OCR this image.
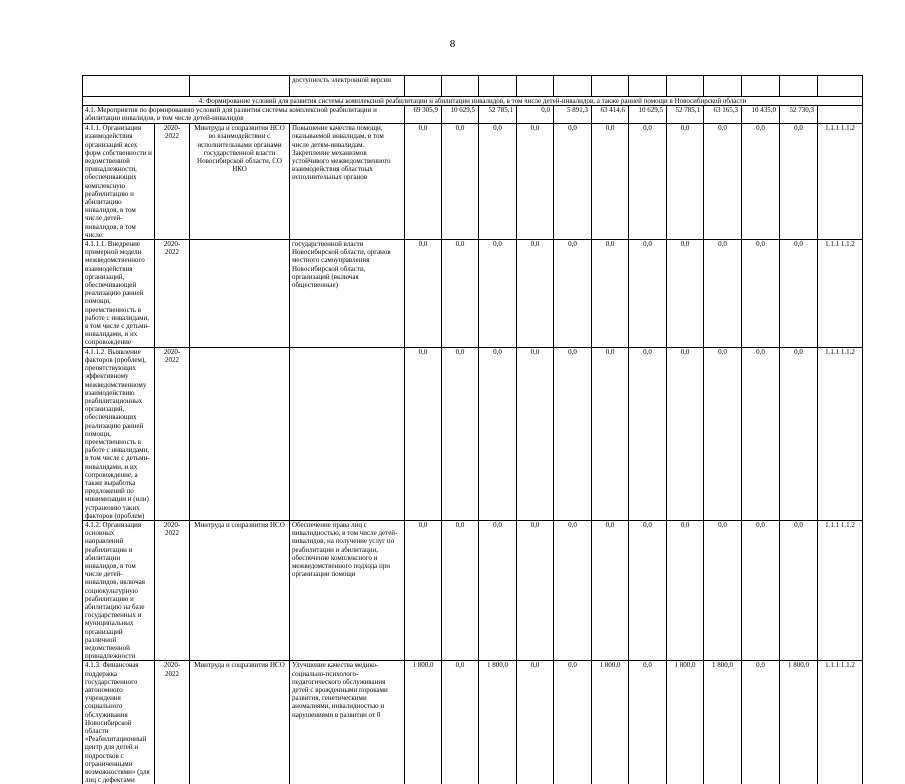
8
			доступность электронной версии												
4. Формирование условий для развития системы комплексной реабилитации и абилитации инвалидов, в том числе детей-инвалидов, а также ранней помощи в Новосибирской области															
4.1. Мероприятия по формированию условий для развития системы комплексной реабилитации и абилитации инвалидов, в том числе детей-инвалидов				69 305,9	10 629,5	52 785,1	0,0	5 891,3	63 414,6	10 629,5	52 785,1	63 165,3	10 435,0	52 730,3	
4.1.1. Организация взаимодействия организаций всех форм собственности и ведомственной принадлежности, обеспечивающих комплексную реабилитацию и абилитацию инвалидов, в том числе детей-инвалидов, в том числе:	2020-2022	Минтруда и соцразвития НСО во взаимодействии с исполнительными органами государственной власти Новосибирской области, СО НКО	Повышение качества помощи, оказываемой инвалидам, в том числе детям-инвалидам. Закрепление механизмов устойчивого межведомственного взаимодействия областных исполнительных органов	0,0	0,0	0,0	0,0	0,0	0,0	0,0	0,0	0,0	0,0	0,0	1.1.1 1.1.2
4.1.1.1. Внедрение примерной модели межведомственного взаимодействия организаций, обеспечивающей реализацию ранней помощи, преемственность в работе с инвалидами, в том числе с детьми-инвалидами, и их сопровождение	2020-2022		государственной власти Новосибирской области, органов местного самоуправления Новосибирской области, организаций (включая общественные)	0,0	0,0	0,0	0,0	0,0	0,0	0,0	0,0	0,0	0,0	0,0	1.1.1 1.1.2
4.1.1.2. Выявление факторов (проблем), препятствующих эффективному межведомственному взаимодействию реабилитационных организаций, обеспечивающих реализацию ранней помощи, преемственность в работе с инвалидами, в том числе с детьми-инвалидами, и их сопровождение, а также выработка предложений по минимизации и (или) устранению таких факторов (проблем)	2020-2022			0,0	0,0	0,0	0,0	0,0	0,0	0,0	0,0	0,0	0,0	0,0	1.1.1 1.1.2
4.1.2. Организация основных направлений реабилитации и абилитации инвалидов, в том числе детей-инвалидов, включая социокультурную реабилитацию и абилитацию на базе государственных и муниципальных организаций различной ведомственной принадлежности	2020-2022	Минтруда и соцразвития НСО	Обеспечение права лиц с инвалидностью, в том числе детей-инвалидов, на получение услуг по реабилитации и абилитации, обеспечение комплексного и межведомственного подхода при организации помощи	0,0	0,0	0,0	0,0	0,0	0,0	0,0	0,0	0,0	0,0	0,0	1.1.1 1.1.2
4.1.3. Финансовая поддержка государственного автономного учреждения социального обслуживания Новосибирской области «Реабилитационный центр для детей и подростков с ограниченными возможностями» (для лиц с дефектами	2020-2022	Минтруда и соцразвития НСО	Улучшение качества медико-социально-психолого-педагогического обслуживания детей с врожденными пороками развития, генетическими аномалиями, инвалидностью и нарушениями в развитии от 0	1 800,0	0,0	1 800,0	0,0	0,0	1 800,0	0,0	1 800,0	1 800,0	0,0	1 800,0	1.1.1 1.1.2
